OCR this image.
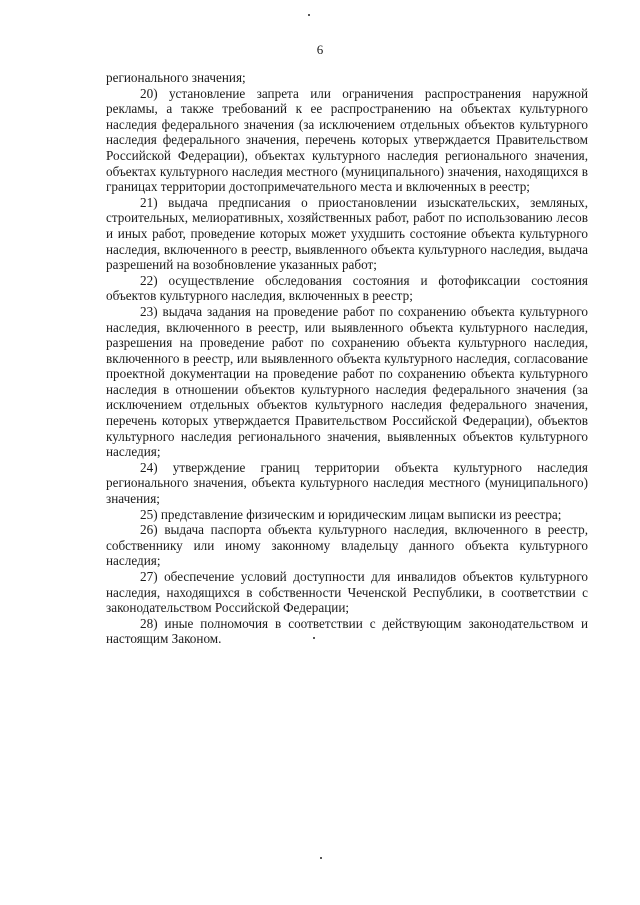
6

регионального значения;

20) установление запрета или ограничения распространения наружной рекламы, а также требований к ее распространению на объектах культурного наследия федерального значения (за исключением отдельных объектов культурного наследия федерального значения, перечень которых утверждается Правительством Российской Федерации), объектах культурного наследия регионального значения, объектах культурного наследия местного (муниципального) значения, находящихся в границах территории достопримечательного места и включенных в реестр;

21) выдача предписания о приостановлении изыскательских, земляных, строительных, мелиоративных, хозяйственных работ, работ по использованию лесов и иных работ, проведение которых может ухудшить состояние объекта культурного наследия, включенного в реестр, выявленного объекта культурного наследия, выдача разрешений на возобновление указанных работ;

22) осуществление обследования состояния и фотофиксации состояния объектов культурного наследия, включенных в реестр;

23) выдача задания на проведение работ по сохранению объекта культурного наследия, включенного в реестр, или выявленного объекта культурного наследия, разрешения на проведение работ по сохранению объекта культурного наследия, включенного в реестр, или выявленного объекта культурного наследия, согласование проектной документации на проведение работ по сохранению объекта культурного наследия в отношении объектов культурного наследия федерального значения (за исключением отдельных объектов культурного наследия федерального значения, перечень которых утверждается Правительством Российской Федерации), объектов культурного наследия регионального значения, выявленных объектов культурного наследия;

24) утверждение границ территории объекта культурного наследия регионального значения, объекта культурного наследия местного (муниципального) значения;

25) представление физическим и юридическим лицам выписки из реестра;

26) выдача паспорта объекта культурного наследия, включенного в реестр, собственнику или иному законному владельцу данного объекта культурного наследия;

27) обеспечение условий доступности для инвалидов объектов культурного наследия, находящихся в собственности Чеченской Республики, в соответствии с законодательством Российской Федерации;

28) иные полномочия в соответствии с действующим законодательством и настоящим Законом.
